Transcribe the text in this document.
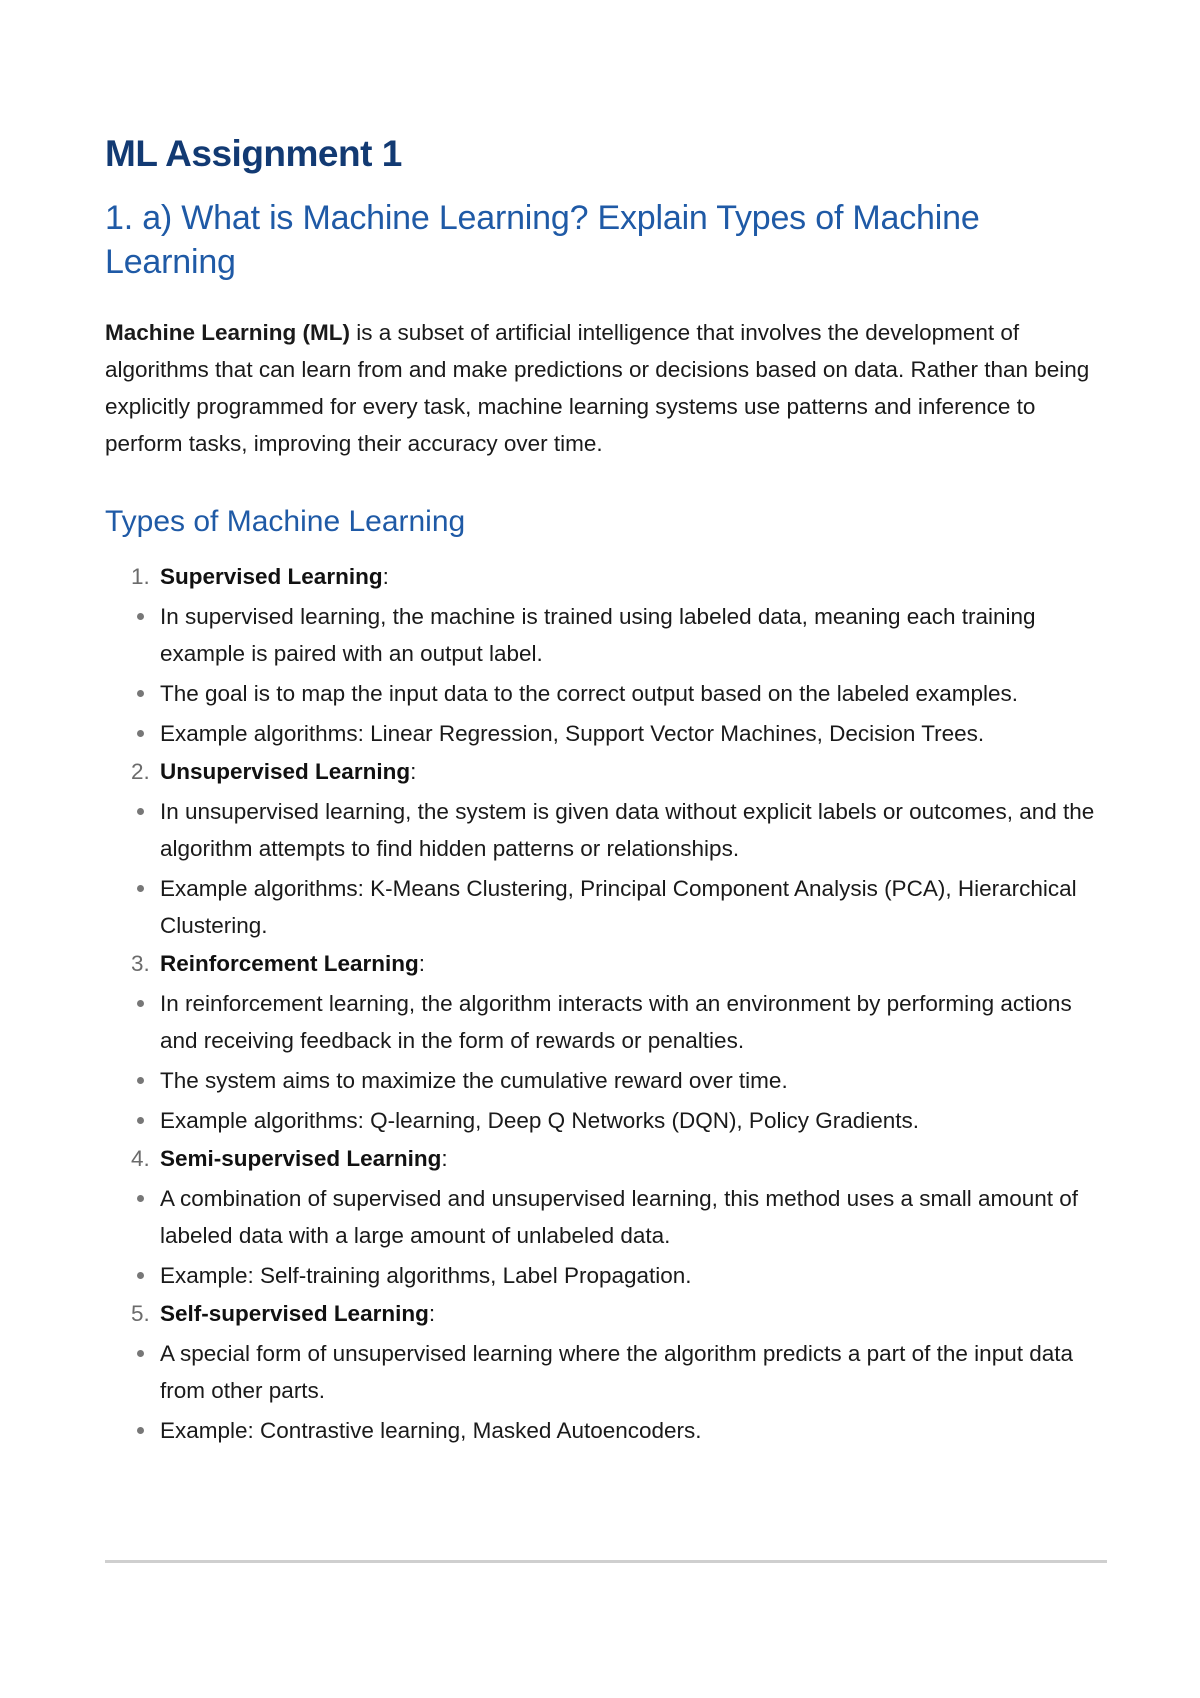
ML Assignment 1
1. a) What is Machine Learning? Explain Types of Machine Learning

Machine Learning (ML) is a subset of artificial intelligence that involves the development of algorithms that can learn from and make predictions or decisions based on data. Rather than being explicitly programmed for every task, machine learning systems use patterns and inference to perform tasks, improving their accuracy over time.

Types of Machine Learning
1. Supervised Learning:
In supervised learning, the machine is trained using labeled data, meaning each training example is paired with an output label.
The goal is to map the input data to the correct output based on the labeled examples.
Example algorithms: Linear Regression, Support Vector Machines, Decision Trees.
2. Unsupervised Learning:
In unsupervised learning, the system is given data without explicit labels or outcomes, and the algorithm attempts to find hidden patterns or relationships.
Example algorithms: K-Means Clustering, Principal Component Analysis (PCA), Hierarchical Clustering.
3. Reinforcement Learning:
In reinforcement learning, the algorithm interacts with an environment by performing actions and receiving feedback in the form of rewards or penalties.
The system aims to maximize the cumulative reward over time.
Example algorithms: Q-learning, Deep Q Networks (DQN), Policy Gradients.
4. Semi-supervised Learning:
A combination of supervised and unsupervised learning, this method uses a small amount of labeled data with a large amount of unlabeled data.
Example: Self-training algorithms, Label Propagation.
5. Self-supervised Learning:
A special form of unsupervised learning where the algorithm predicts a part of the input data from other parts.
Example: Contrastive learning, Masked Autoencoders.
